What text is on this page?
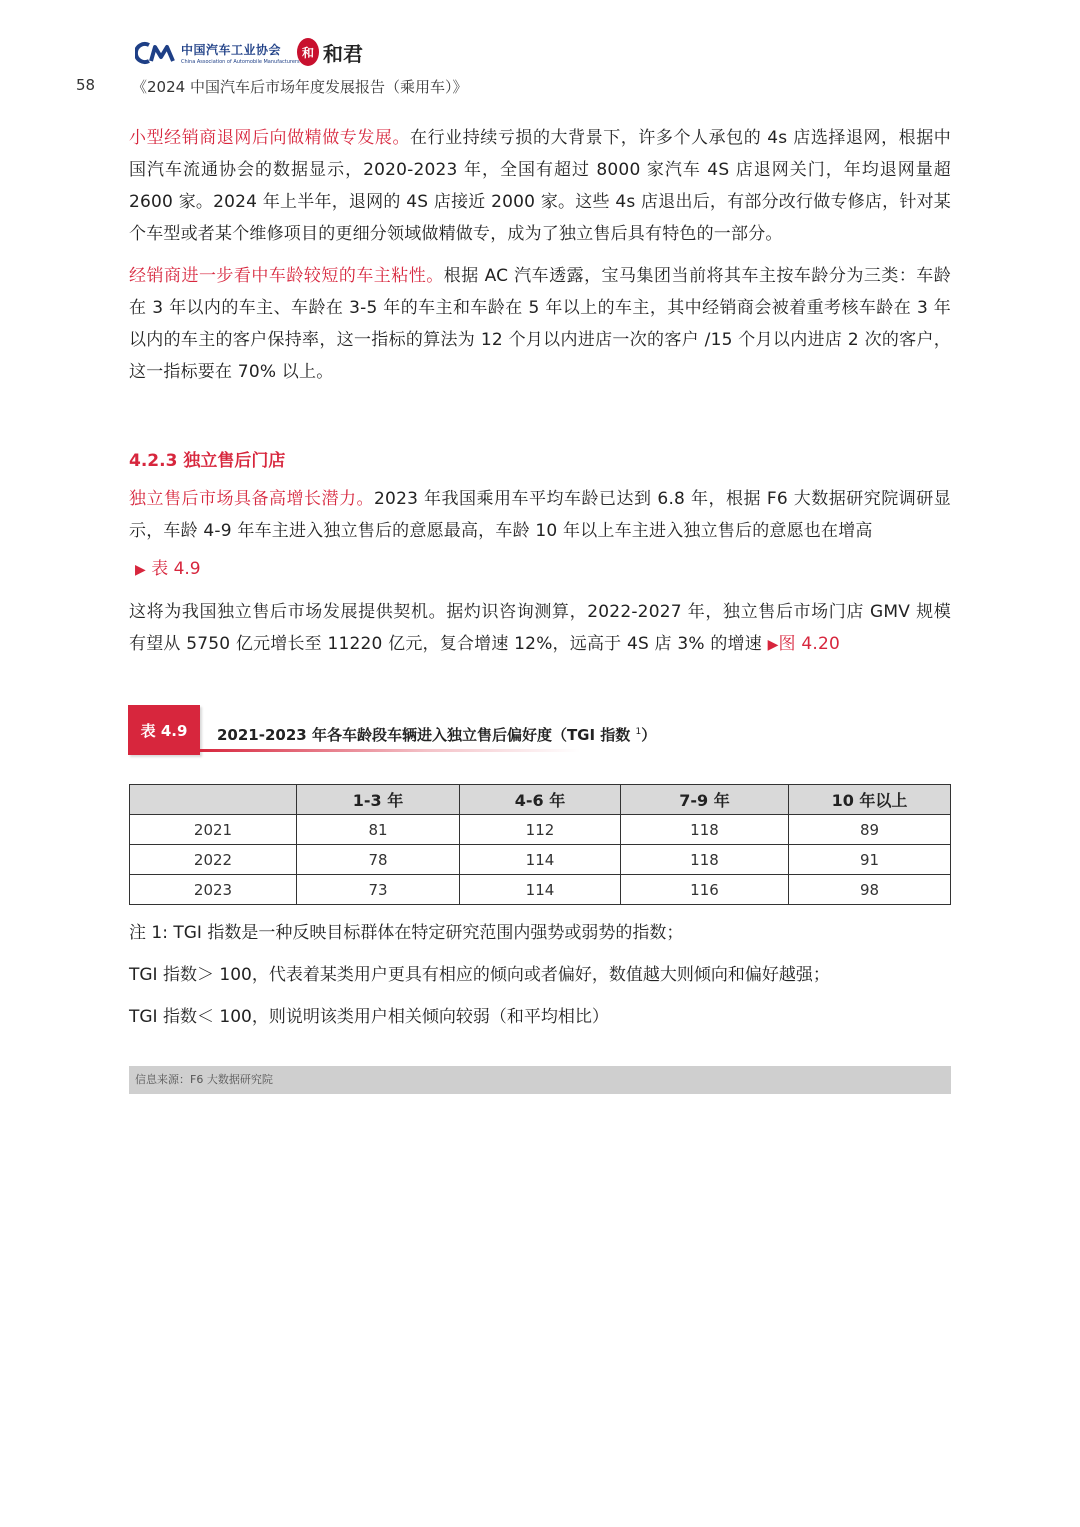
中国汽车工业协会
China Association of Automobile Manufacturers
和 和君
58 《2024 中国汽车后市场年度发展报告（乘用车）》

小型经销商退网后向做精做专发展。在行业持续亏损的大背景下，许多个人承包的 4s 店选择退网，根据中国汽车流通协会的数据显示，2020-2023 年，全国有超过 8000 家汽车 4S 店退网关门，年均退网量超 2600 家。2024 年上半年，退网的 4S 店接近 2000 家。这些 4s 店退出后，有部分改行做专修店，针对某个车型或者某个维修项目的更细分领域做精做专，成为了独立售后具有特色的一部分。

经销商进一步看中车龄较短的车主粘性。根据 AC 汽车透露，宝马集团当前将其车主按车龄分为三类：车龄在 3 年以内的车主、车龄在 3-5 年的车主和车龄在 5 年以上的车主，其中经销商会被着重考核车龄在 3 年以内的车主的客户保持率，这一指标的算法为 12 个月以内进店一次的客户 /15 个月以内进店 2 次的客户，这一指标要在 70% 以上。

4.2.3 独立售后门店

独立售后市场具备高增长潜力。2023 年我国乘用车平均车龄已达到 6.8 年，根据 F6 大数据研究院调研显示，车龄 4-9 年车主进入独立售后的意愿最高，车龄 10 年以上车主进入独立售后的意愿也在增高

▶ 表 4.9

这将为我国独立售后市场发展提供契机。据灼识咨询测算，2022-2027 年，独立售后市场门店 GMV 规模有望从 5750 亿元增长至 11220 亿元，复合增速 12%，远高于 4S 店 3% 的增速 ▶图 4.20

表 4.9	2021-2023 年各车龄段车辆进入独立售后偏好度（TGI 指数 $^1$）
	1-3 年	4-6 年	7-9 年	10 年以上
2021	81	112	118	89
2022	78	114	118	91
2023	73	114	116	98

注 1: TGI 指数是一种反映目标群体在特定研究范围内强势或弱势的指数；

TGI 指数＞ 100，代表着某类用户更具有相应的倾向或者偏好，数值越大则倾向和偏好越强；

TGI 指数＜ 100，则说明该类用户相关倾向较弱（和平均相比）

信息来源：F6 大数据研究院
